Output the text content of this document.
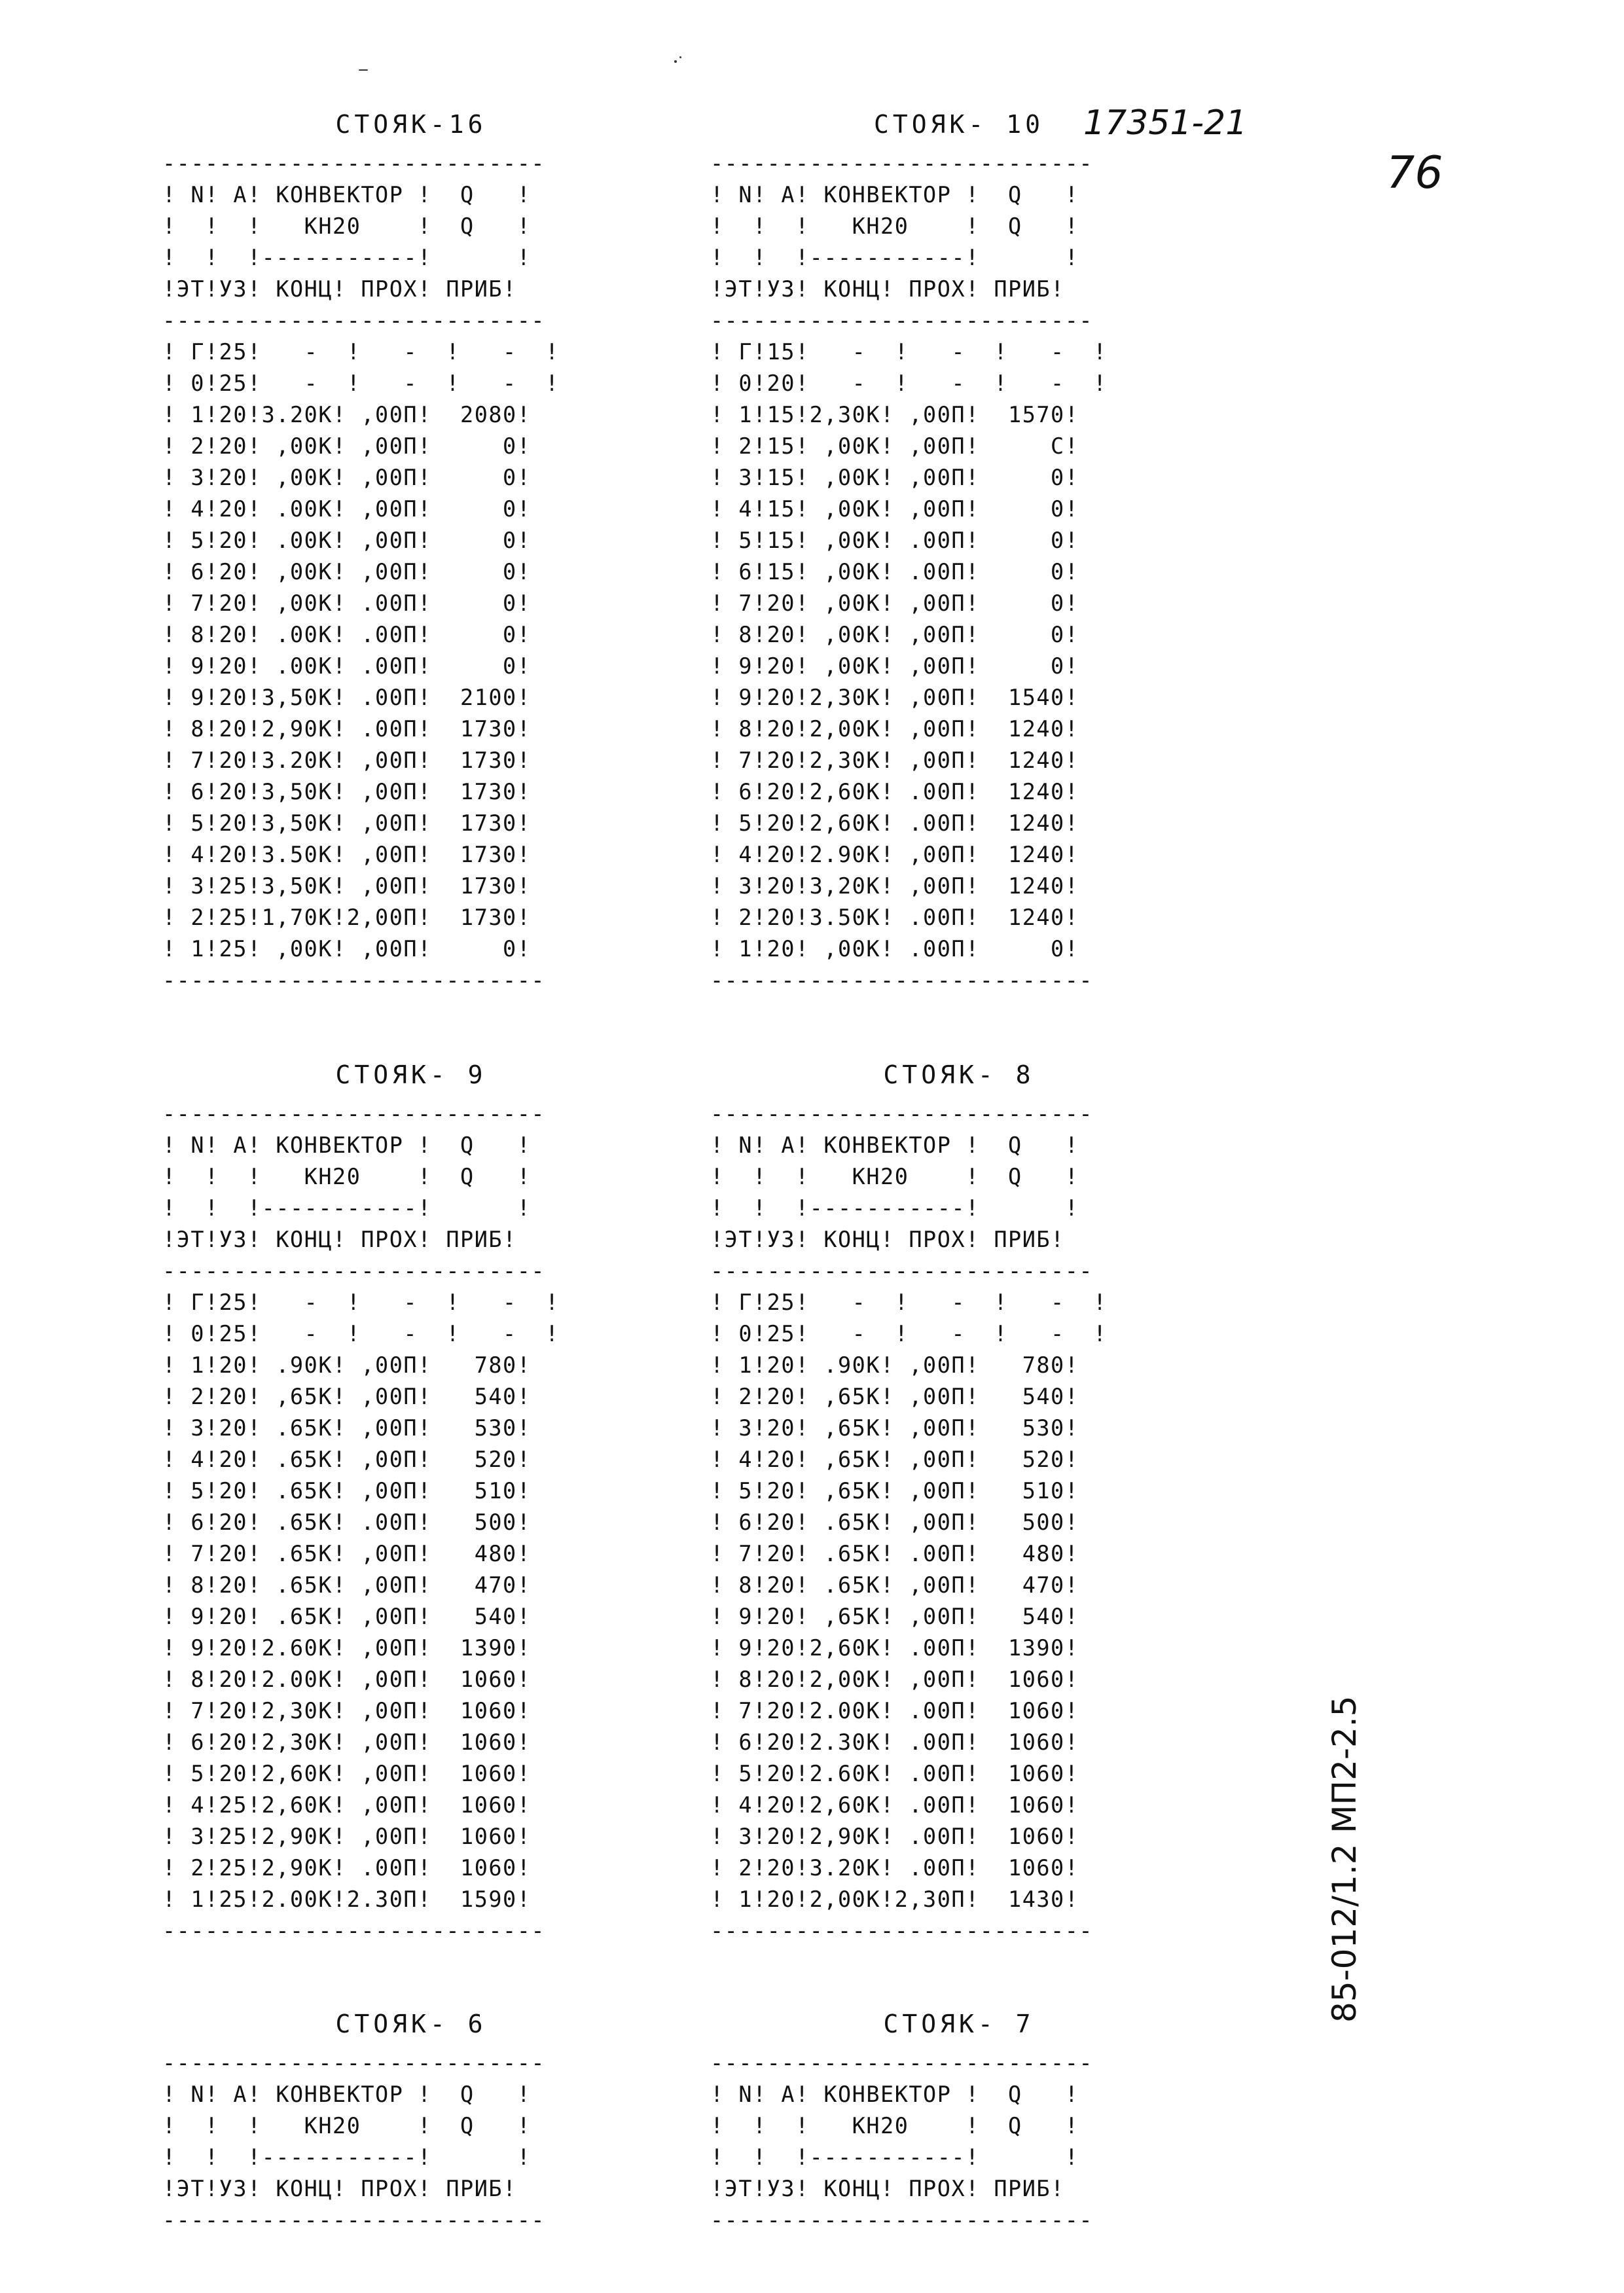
17351-21
76
85-012/1.2 МП2-2.5
СТОЯК-16
---------------------------
! N! А! КОНВЕКТОР !  Q   !
!  !  !   КН20    !  Q   !
!  !  !-----------!      !
!ЭТ!УЗ! КОНЦ! ПРОХ! ПРИБ!
---------------------------
! Г!25!   -  !   -  !   -  !
! 0!25!   -  !   -  !   -  !
! 1!20!3.20К! ,00П!  2080!
! 2!20! ,00К! ,00П!     0!
! 3!20! ,00К! ,00П!     0!
! 4!20! .00К! ,00П!     0!
! 5!20! .00К! ,00П!     0!
! 6!20! ,00К! ,00П!     0!
! 7!20! ,00К! .00П!     0!
! 8!20! .00К! .00П!     0!
! 9!20! .00К! .00П!     0!
! 9!20!3,50К! .00П!  2100!
! 8!20!2,90К! .00П!  1730!
! 7!20!3.20К! ,00П!  1730!
! 6!20!3,50К! ,00П!  1730!
! 5!20!3,50К! ,00П!  1730!
! 4!20!3.50К! ,00П!  1730!
! 3!25!3,50К! ,00П!  1730!
! 2!25!1,70К!2,00П!  1730!
! 1!25! ,00К! ,00П!     0!
---------------------------
СТОЯК- 10
---------------------------
! N! А! КОНВЕКТОР !  Q   !
!  !  !   КН20    !  Q   !
!  !  !-----------!      !
!ЭТ!УЗ! КОНЦ! ПРОХ! ПРИБ!
---------------------------
! Г!15!   -  !   -  !   -  !
! 0!20!   -  !   -  !   -  !
! 1!15!2,30К! ,00П!  1570!
! 2!15! ,00К! ,00П!     С!
! 3!15! ,00К! ,00П!     0!
! 4!15! ,00К! ,00П!     0!
! 5!15! ,00К! .00П!     0!
! 6!15! ,00К! .00П!     0!
! 7!20! ,00К! ,00П!     0!
! 8!20! ,00К! ,00П!     0!
! 9!20! ,00К! ,00П!     0!
! 9!20!2,30К! ,00П!  1540!
! 8!20!2,00К! ,00П!  1240!
! 7!20!2,30К! ,00П!  1240!
! 6!20!2,60К! .00П!  1240!
! 5!20!2,60К! .00П!  1240!
! 4!20!2.90К! ,00П!  1240!
! 3!20!3,20К! ,00П!  1240!
! 2!20!3.50К! .00П!  1240!
! 1!20! ,00К! .00П!     0!
---------------------------
СТОЯК- 9
---------------------------
! N! А! КОНВЕКТОР !  Q   !
!  !  !   КН20    !  Q   !
!  !  !-----------!      !
!ЭТ!УЗ! КОНЦ! ПРОХ! ПРИБ!
---------------------------
! Г!25!   -  !   -  !   -  !
! 0!25!   -  !   -  !   -  !
! 1!20! .90К! ,00П!   780!
! 2!20! ,65К! ,00П!   540!
! 3!20! .65К! ,00П!   530!
! 4!20! .65К! ,00П!   520!
! 5!20! .65К! ,00П!   510!
! 6!20! .65К! .00П!   500!
! 7!20! .65К! ,00П!   480!
! 8!20! .65К! ,00П!   470!
! 9!20! .65К! ,00П!   540!
! 9!20!2.60К! ,00П!  1390!
! 8!20!2.00К! ,00П!  1060!
! 7!20!2,30К! ,00П!  1060!
! 6!20!2,30К! ,00П!  1060!
! 5!20!2,60К! ,00П!  1060!
! 4!25!2,60К! ,00П!  1060!
! 3!25!2,90К! ,00П!  1060!
! 2!25!2,90К! .00П!  1060!
! 1!25!2.00К!2.30П!  1590!
---------------------------
СТОЯК- 8
---------------------------
! N! А! КОНВЕКТОР !  Q   !
!  !  !   КН20    !  Q   !
!  !  !-----------!      !
!ЭТ!УЗ! КОНЦ! ПРОХ! ПРИБ!
---------------------------
! Г!25!   -  !   -  !   -  !
! 0!25!   -  !   -  !   -  !
! 1!20! .90К! ,00П!   780!
! 2!20! ,65К! ,00П!   540!
! 3!20! ,65К! ,00П!   530!
! 4!20! ,65К! ,00П!   520!
! 5!20! ,65К! ,00П!   510!
! 6!20! .65К! ,00П!   500!
! 7!20! .65К! .00П!   480!
! 8!20! .65К! ,00П!   470!
! 9!20! ,65К! ,00П!   540!
! 9!20!2,60К! .00П!  1390!
! 8!20!2,00К! ,00П!  1060!
! 7!20!2.00К! .00П!  1060!
! 6!20!2.30К! .00П!  1060!
! 5!20!2.60К! .00П!  1060!
! 4!20!2,60К! .00П!  1060!
! 3!20!2,90К! .00П!  1060!
! 2!20!3.20К! .00П!  1060!
! 1!20!2,00К!2,30П!  1430!
---------------------------
СТОЯК- 6
---------------------------
! N! А! КОНВЕКТОР !  Q   !
!  !  !   КН20    !  Q   !
!  !  !-----------!      !
!ЭТ!УЗ! КОНЦ! ПРОХ! ПРИБ!
---------------------------
СТОЯК- 7
---------------------------
! N! А! КОНВЕКТОР !  Q   !
!  !  !   КН20    !  Q   !
!  !  !-----------!      !
!ЭТ!УЗ! КОНЦ! ПРОХ! ПРИБ!
---------------------------
